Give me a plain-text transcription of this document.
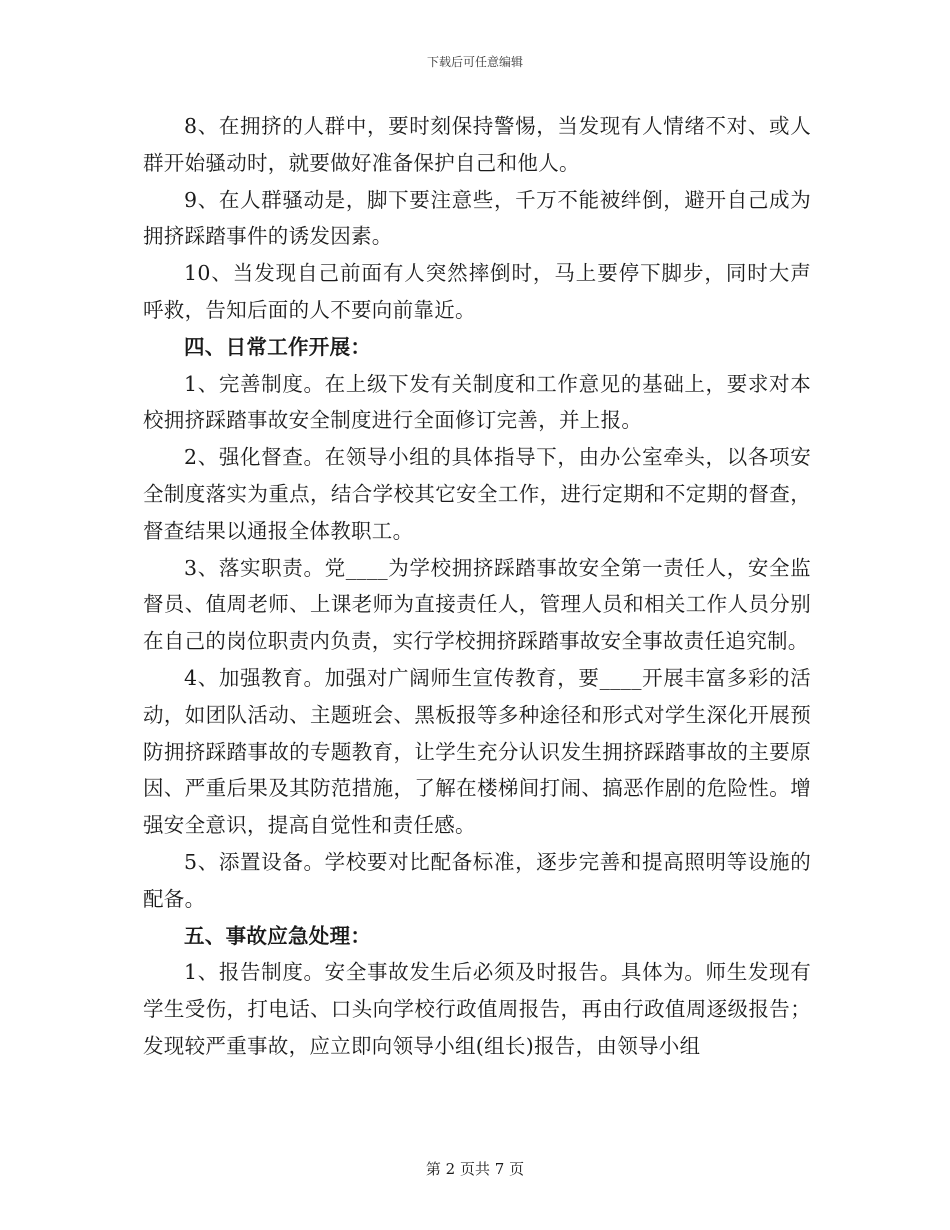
下载后可任意编辑

8、在拥挤的人群中，要时刻保持警惕，当发现有人情绪不对、或人群开始骚动时，就要做好准备保护自己和他人。

9、在人群骚动是，脚下要注意些，千万不能被绊倒，避开自己成为拥挤踩踏事件的诱发因素。

10、当发现自己前面有人突然摔倒时，马上要停下脚步，同时大声呼救，告知后面的人不要向前靠近。

四、日常工作开展：

1、完善制度。在上级下发有关制度和工作意见的基础上，要求对本校拥挤踩踏事故安全制度进行全面修订完善，并上报。

2、强化督查。在领导小组的具体指导下，由办公室牵头，以各项安全制度落实为重点，结合学校其它安全工作，进行定期和不定期的督查，督查结果以通报全体教职工。

3、落实职责。党____为学校拥挤踩踏事故安全第一责任人，安全监督员、值周老师、上课老师为直接责任人，管理人员和相关工作人员分别在自己的岗位职责内负责，实行学校拥挤踩踏事故安全事故责任追究制。

4、加强教育。加强对广阔师生宣传教育，要____开展丰富多彩的活动，如团队活动、主题班会、黑板报等多种途径和形式对学生深化开展预防拥挤踩踏事故的专题教育，让学生充分认识发生拥挤踩踏事故的主要原因、严重后果及其防范措施，了解在楼梯间打闹、搞恶作剧的危险性。增强安全意识，提高自觉性和责任感。

5、添置设备。学校要对比配备标准，逐步完善和提高照明等设施的配备。

五、事故应急处理：

1、报告制度。安全事故发生后必须及时报告。具体为。师生发现有学生受伤，打电话、口头向学校行政值周报告，再由行政值周逐级报告；发现较严重事故，应立即向领导小组(组长)报告，由领导小组

第 2 页共 7 页
